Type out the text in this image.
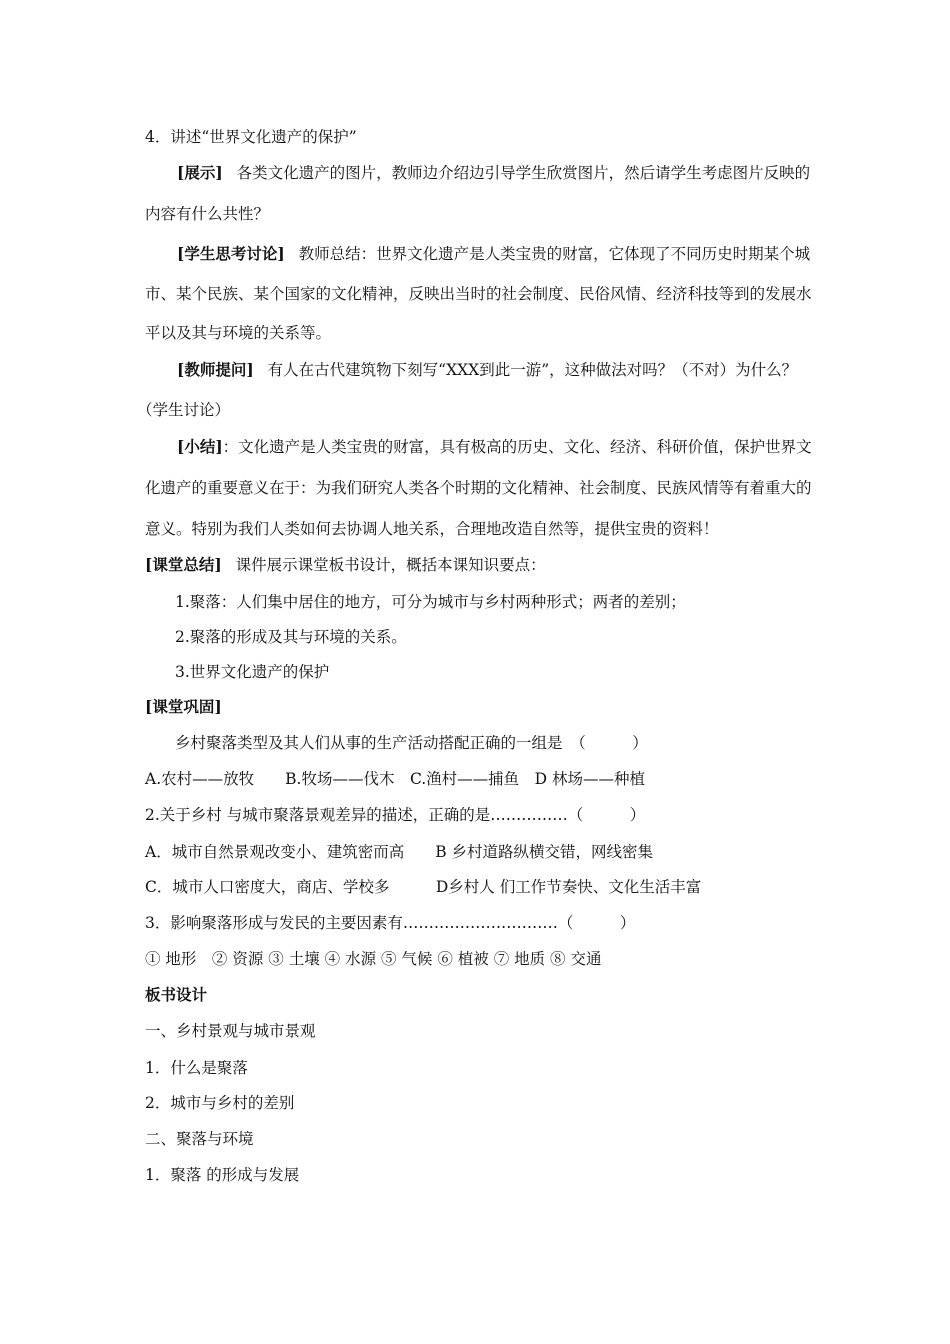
4．讲述“世界文化遗产的保护”
[展示] 各类文化遗产的图片，教师边介绍边引导学生欣赏图片，然后请学生考虑图片反映的
内容有什么共性？
[学生思考讨论] 教师总结：世界文化遗产是人类宝贵的财富，它体现了不同历史时期某个城
市、某个民族、某个国家的文化精神，反映出当时的社会制度、民俗风情、经济科技等到的发展水
平以及其与环境的关系等。
[教师提问] 有人在古代建筑物下刻写“XXX到此一游”，这种做法对吗？（不对）为什么？
（学生讨论）
[小结]：文化遗产是人类宝贵的财富，具有极高的历史、文化、经济、科研价值，保护世界文
化遗产的重要意义在于：为我们研究人类各个时期的文化精神、社会制度、民族风情等有着重大的
意义。特别为我们人类如何去协调人地关系，合理地改造自然等，提供宝贵的资料！
[课堂总结] 课件展示课堂板书设计，概括本课知识要点：
1.聚落：人们集中居住的地方，可分为城市与乡村两种形式；两者的差别；
2.聚落的形成及其与环境的关系。
3.世界文化遗产的保护
[课堂巩固]
乡村聚落类型及其人们从事的生产活动搭配正确的一组是　（　　　）
A.农村——放牧　　B.牧场——伐木　C.渔村——捕鱼　D 林场——种植
2.关于乡村 与城市聚落景观差异的描述，正确的是……………（　　　）
A．城市自然景观改变小、建筑密而高　　B 乡村道路纵横交错，网线密集
C．城市人口密度大，商店、学校多　　　D乡村人 们工作节奏快、文化生活丰富
3．影响聚落形成与发民的主要因素有…………………………（　　　）
① 地形　② 资源 ③ 土壤 ④ 水源 ⑤ 气候 ⑥ 植被 ⑦ 地质 ⑧ 交通
板书设计
一、乡村景观与城市景观
1．什么是聚落
2．城市与乡村的差别
二、聚落与环境
1．聚落 的形成与发展
